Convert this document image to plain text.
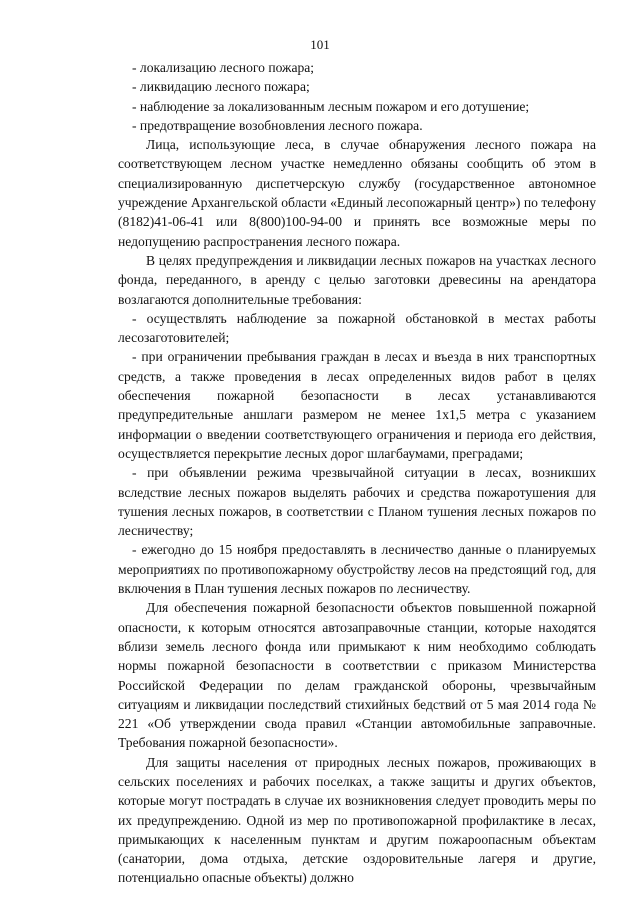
101

- локализацию лесного пожара;

- ликвидацию лесного пожара;

- наблюдение за локализованным лесным пожаром и его дотушение;

- предотвращение возобновления лесного пожара.

Лица, использующие леса, в случае обнаружения лесного пожара на соответствующем лесном участке немедленно обязаны сообщить об этом в специализированную диспетчерскую службу (государственное автономное учреждение Архангельской области «Единый лесопожарный центр») по телефону (8182)41-06-41 или 8(800)100-94-00 и принять все возможные меры по недопущению распространения лесного пожара.

В целях предупреждения и ликвидации лесных пожаров на участках лесного фонда, переданного, в аренду с целью заготовки древесины на арендатора возлагаются дополнительные требования:

- осуществлять наблюдение за пожарной обстановкой в местах работы лесозаготовителей;

- при ограничении пребывания граждан в лесах и въезда в них транспортных средств, а также проведения в лесах определенных видов работ в целях обеспечения пожарной безопасности в лесах устанавливаются предупредительные аншлаги размером не менее 1х1,5 метра с указанием информации о введении соответствующего ограничения и периода его действия, осуществляется перекрытие лесных дорог шлагбаумами, преградами;

- при объявлении режима чрезвычайной ситуации в лесах, возникших вследствие лесных пожаров выделять рабочих и средства пожаротушения для тушения лесных пожаров, в соответствии с Планом тушения лесных пожаров по лесничеству;

- ежегодно до 15 ноября предоставлять в лесничество данные о планируемых мероприятиях по противопожарному обустройству лесов на предстоящий год, для включения в План тушения лесных пожаров по лесничеству.

Для обеспечения пожарной безопасности объектов повышенной пожарной опасности, к которым относятся автозаправочные станции, которые находятся вблизи земель лесного фонда или примыкают к ним необходимо соблюдать нормы пожарной безопасности в соответствии с приказом Министерства Российской Федерации по делам гражданской обороны, чрезвычайным ситуациям и ликвидации последствий стихийных бедствий от 5 мая 2014 года № 221 «Об утверждении свода правил «Станции автомобильные заправочные. Требования пожарной безопасности».

Для защиты населения от природных лесных пожаров, проживающих в сельских поселениях и рабочих поселках, а также защиты и других объектов, которые могут пострадать в случае их возникновения следует проводить меры по их предупреждению. Одной из мер по противопожарной профилактике в лесах, примыкающих к населенным пунктам и другим пожароопасным объектам (санатории, дома отдыха, детские оздоровительные лагеря и другие, потенциально опасные объекты) должно
